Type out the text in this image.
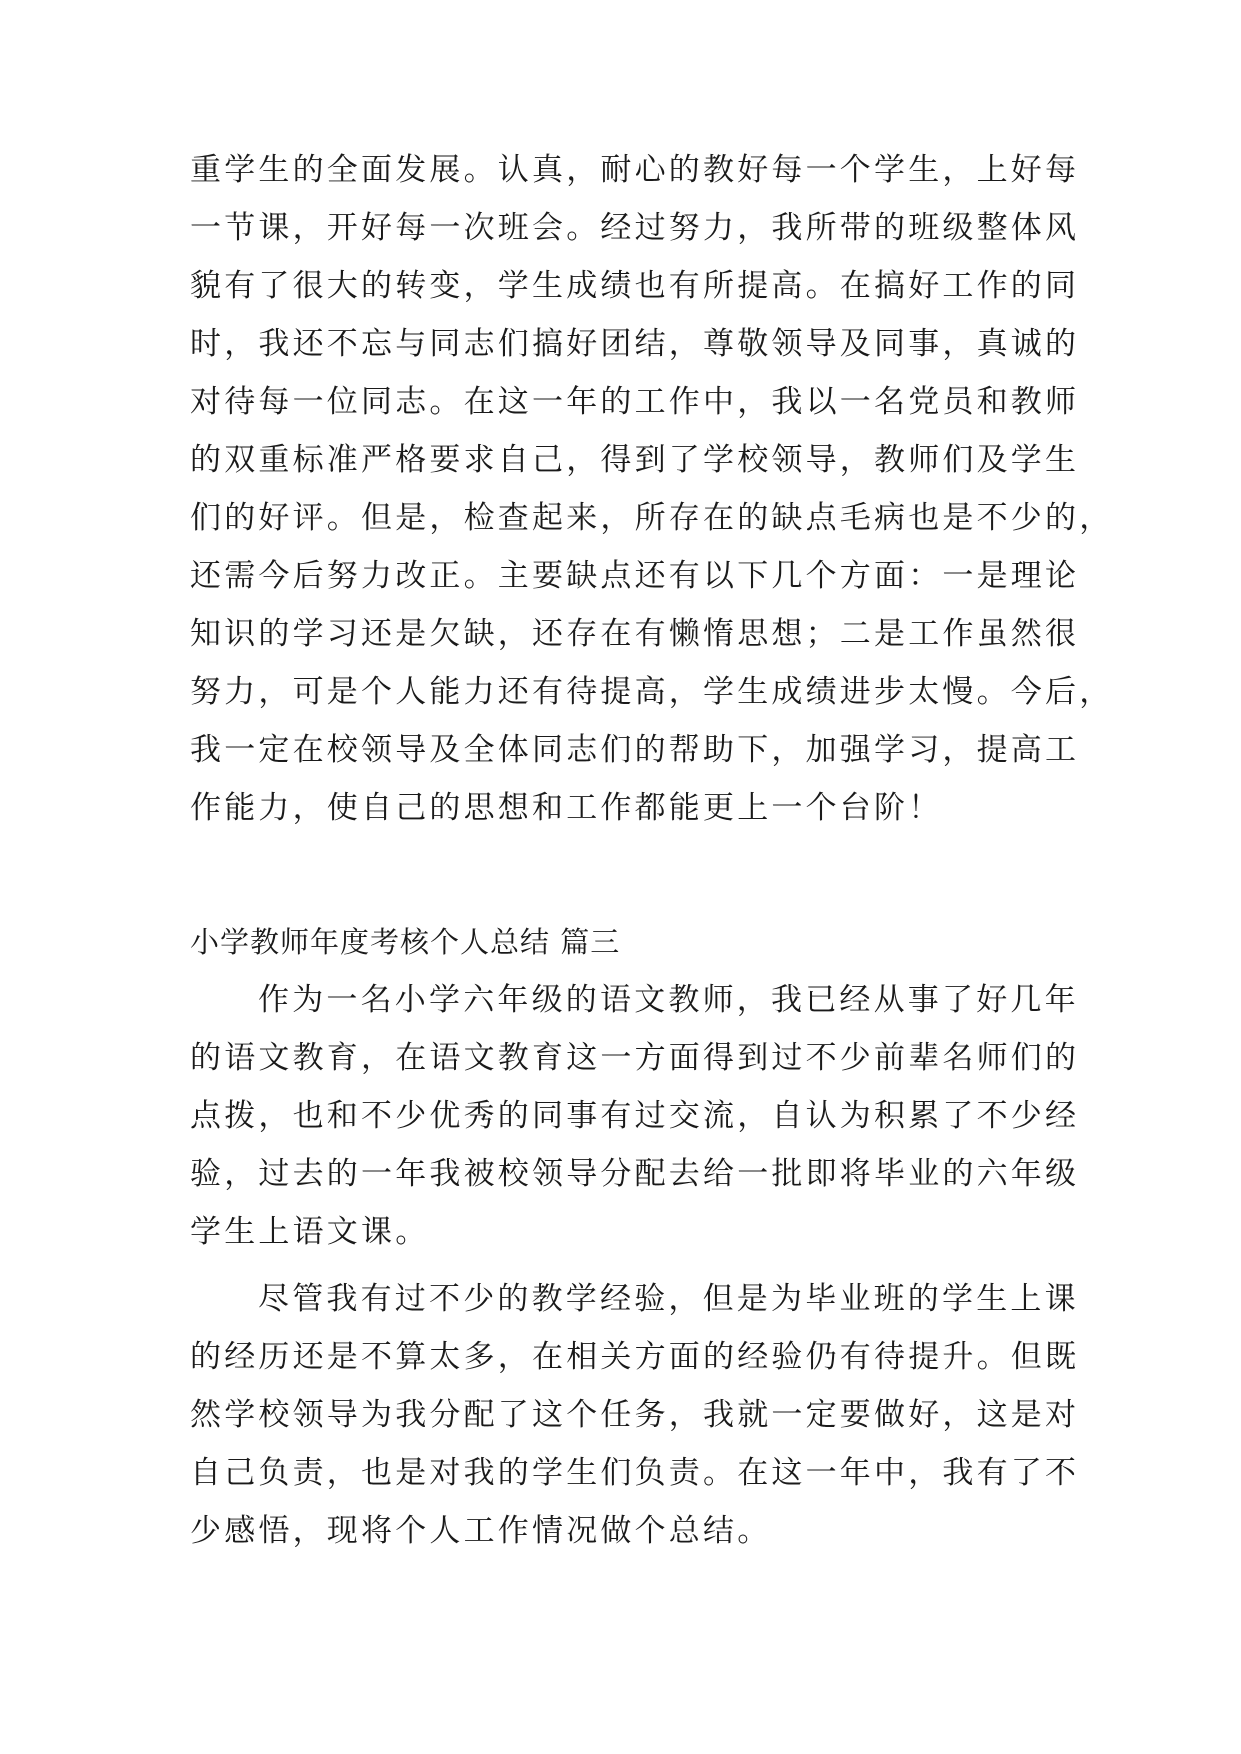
重学生的全面发展。认真，耐心的教好每一个学生，上好每
一节课，开好每一次班会。经过努力，我所带的班级整体风
貌有了很大的转变，学生成绩也有所提高。在搞好工作的同
时，我还不忘与同志们搞好团结，尊敬领导及同事，真诚的
对待每一位同志。在这一年的工作中，我以一名党员和教师
的双重标准严格要求自己，得到了学校领导，教师们及学生
们的好评。但是，检查起来，所存在的缺点毛病也是不少的，
还需今后努力改正。主要缺点还有以下几个方面：一是理论
知识的学习还是欠缺，还存在有懒惰思想；二是工作虽然很
努力，可是个人能力还有待提高，学生成绩进步太慢。今后，
我一定在校领导及全体同志们的帮助下，加强学习，提高工
作能力，使自己的思想和工作都能更上一个台阶！
小学教师年度考核个人总结 篇三
作为一名小学六年级的语文教师，我已经从事了好几年
的语文教育，在语文教育这一方面得到过不少前辈名师们的
点拨，也和不少优秀的同事有过交流，自认为积累了不少经
验，过去的一年我被校领导分配去给一批即将毕业的六年级
学生上语文课。
尽管我有过不少的教学经验，但是为毕业班的学生上课
的经历还是不算太多，在相关方面的经验仍有待提升。但既
然学校领导为我分配了这个任务，我就一定要做好，这是对
自己负责，也是对我的学生们负责。在这一年中，我有了不
少感悟，现将个人工作情况做个总结。
